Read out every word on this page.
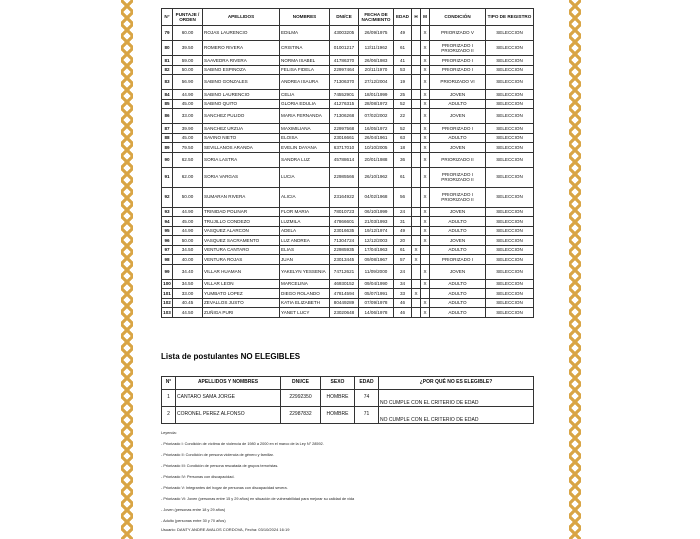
N°	PUNTAJE / ORDEN	APELLIDOS	NOMBRES	DNI/CE	FECHA DE NACIMIENTO	EDAD	H	M	CONDICIÓN	TIPO DE REGISTRO
79	60.00	ROJAS LAURENCIO	EDILMA	43003205	26/09/1975	49		X	PRIORIZADO V	SELECCION
80	39.50	ROMERO RIVERA	CRISTINA	01001217	12/11/1962	61		X	PRIORIZADO I PRIORIZADO II	SELECCION
81	59.00	SAAVEDRA RIVERA	NORMA ISABEL	41786370	26/06/1983	41		X	PRIORIZADO I	SELECCION
82	50.00	SABINO ESPINOZA	FELISA FIDELA	22997464	20/11/1970	53		X	PRIORIZADO I	SELECCION
83	56.90	SABINO GONZALES	ANDREA ISAURA	71306370	27/12/2004	19		X	PRIORIZADO VI	SELECCION
84	44.90	SABINO LAURENCIO	CELIA	74552901	18/01/1999	25		X	JOVEN	SELECCION
85	45.00	SABINO QUITO	GLORIA EDULIA	41276315	28/08/1972	52		X	ADULTO	SELECCION
86	33.00	SANCHEZ PULIDO	MARIA FERNANDA	71306268	07/02/2002	22		X	JOVEN	SELECCION
87	39.90	SANCHEZ URZUA	MAXIMILIANA	22997568	16/05/1972	52		X	PRIORIZADO I	SELECCION
88	45.00	SAVINO NIETO	ELOISA	23016661	26/04/1961	63		X	ADULTO	SELECCION
89	79.50	SEVILLANOS ARANDA	EVELIN DAYANA	63717010	10/10/2005	18		X	JOVEN	SELECCION
90	62.50	SORIA LASTRA	SANDRA LUZ	45788614	20/01/1988	36		X	PRIORIZADO II	SELECCION
91	62.00	SORIA VARGAS	LUCIA	22985566	26/10/1962	61		X	PRIORIZADO I PRIORIZADO II	SELECCION
92	50.00	SUMARAN RIVERA	ALICIA	23164922	04/02/1968	56		X	PRIORIZADO I PRIORIZADO II	SELECCION
93	44.90	TRINIDAD POLINAR	FLOR MARIA	78010723	06/10/1999	24		X	JOVEN	SELECCION
94	45.00	TRUJILLO CONDEZO	LUZMILA	47866601	21/03/1993	31		X	ADULTO	SELECCION
95	44.90	VASQUEZ ALARCON	ADELA	23016635	19/12/1974	49		X	ADULTO	SELECCION
96	50.00	VASQUEZ SACRAMENTO	LUZ ANDREA	71304724	12/12/2003	20		X	JOVEN	SELECCION
97	34.50	VENTURA CANTARO	ELIAS	22985935	17/04/1963	61	X		ADULTO	SELECCION
98	40.00	VENTURA ROJAS	JUAN	23013445	09/08/1967	57	X		PRIORIZADO I	SELECCION
99	34.40	VILLAR HUAMAN	YAKELYN YESSENIA	74712621	11/09/2000	24		X	JOVEN	SELECCION
100	34.50	VILLAR LEON	MARCELINA	46930152	09/04/1990	34		X	ADULTO	SELECCION
101	33.00	YUMBATO LOPEZ	DIEGO ROLANDO	47814594	05/07/1991	33	X		ADULTO	SELECCION
102	40.45	ZEVALLOS JUSTO	KATIA ELIZABETH	80449289	07/09/1978	46		X	ADULTO	SELECCION
103	44.50	ZUÑIGA PURI	YANET LUCY	23020648	14/06/1978	46		X	ADULTO	SELECCION
Lista de postulantes NO ELEGIBLES
N°	APELLIDOS Y NOMBRES	DNI/CE	SEXO	EDAD	¿POR QUÉ NO ES ELEGIBLE?
1	CANTARO SAMA JORGE	22992350	HOMBRE	74	NO CUMPLE CON EL CRITERIO DE EDAD
2	CORONEL PEREZ ALFONSO	22987832	HOMBRE	71	NO CUMPLE CON EL CRITERIO DE EDAD
Leyenda:
- Priorizado I: Condición de víctima de violencia de 1980 a 2000 en el marco de la Ley N° 28592.
- Priorizado II: Condición de persona violencia de género y familiar.
- Priorizado III: Condición de persona rescatada de grupos terroristas.
- Priorizado IV: Personas con discapacidad.
- Priorizado V: Integrantes del hogar de personas con discapacidad severa.
- Priorizado VI: Joven (personas entre 15 y 29 años) en situación de vulnerabilidad para mejorar su calidad de vida
- Joven (personas entre 18 y 29 años)
- Adulto (personas entre 30 y 70 años)
Usuario: DANTY ANDRE AVALOS CORDOVA, Fecha: 03/10/2024 16:19
